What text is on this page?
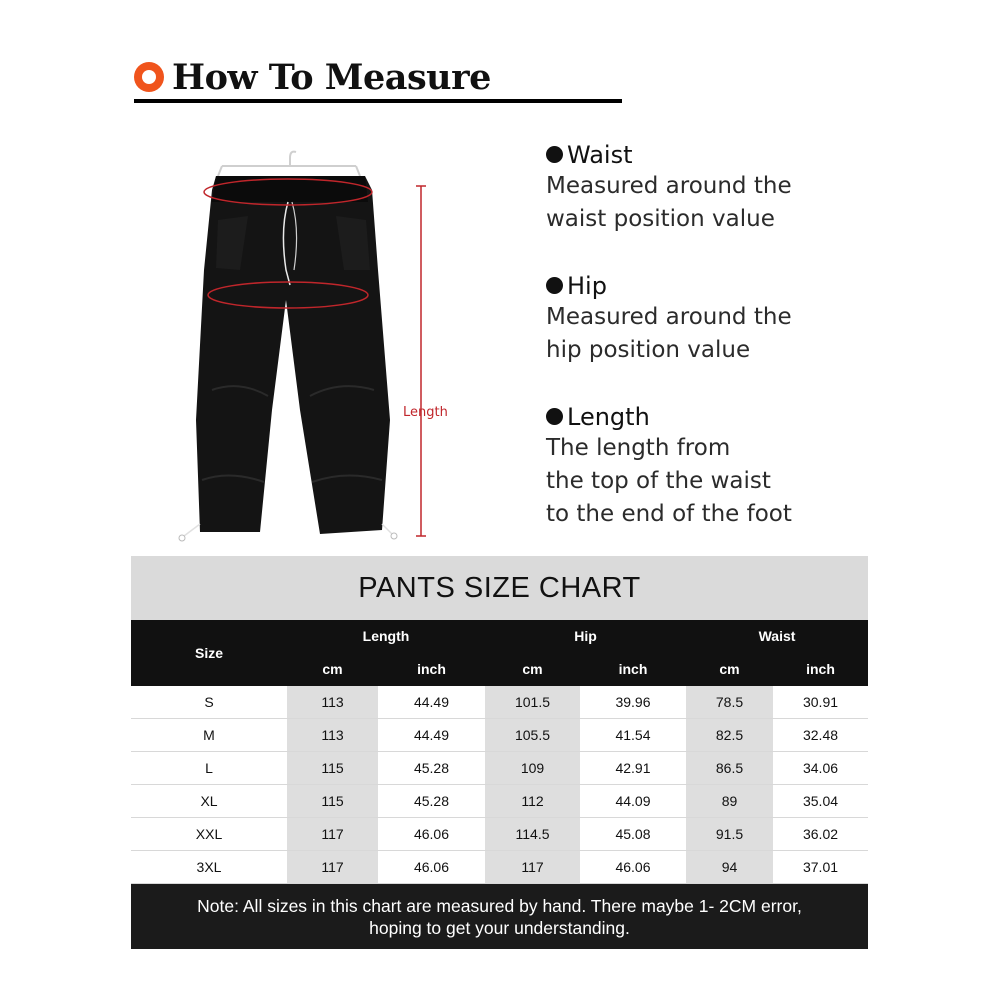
How To Measure
Length
Waist
Measured around the
waist position value
Hip
Measured around the
hip position value
Length
The length from
the top of the waist
to the end of the foot
PANTS SIZE CHART
Size	Length		Hip		Waist	
	cm	inch	cm	inch	cm	inch
S	113	44.49	101.5	39.96	78.5	30.91
M	113	44.49	105.5	41.54	82.5	32.48
L	115	45.28	109	42.91	86.5	34.06
XL	115	45.28	112	44.09	89	35.04
XXL	117	46.06	114.5	45.08	91.5	36.02
3XL	117	46.06	117	46.06	94	37.01
Note: All sizes in this chart are measured by hand. There maybe 1- 2CM error,
hoping to get your understanding.
